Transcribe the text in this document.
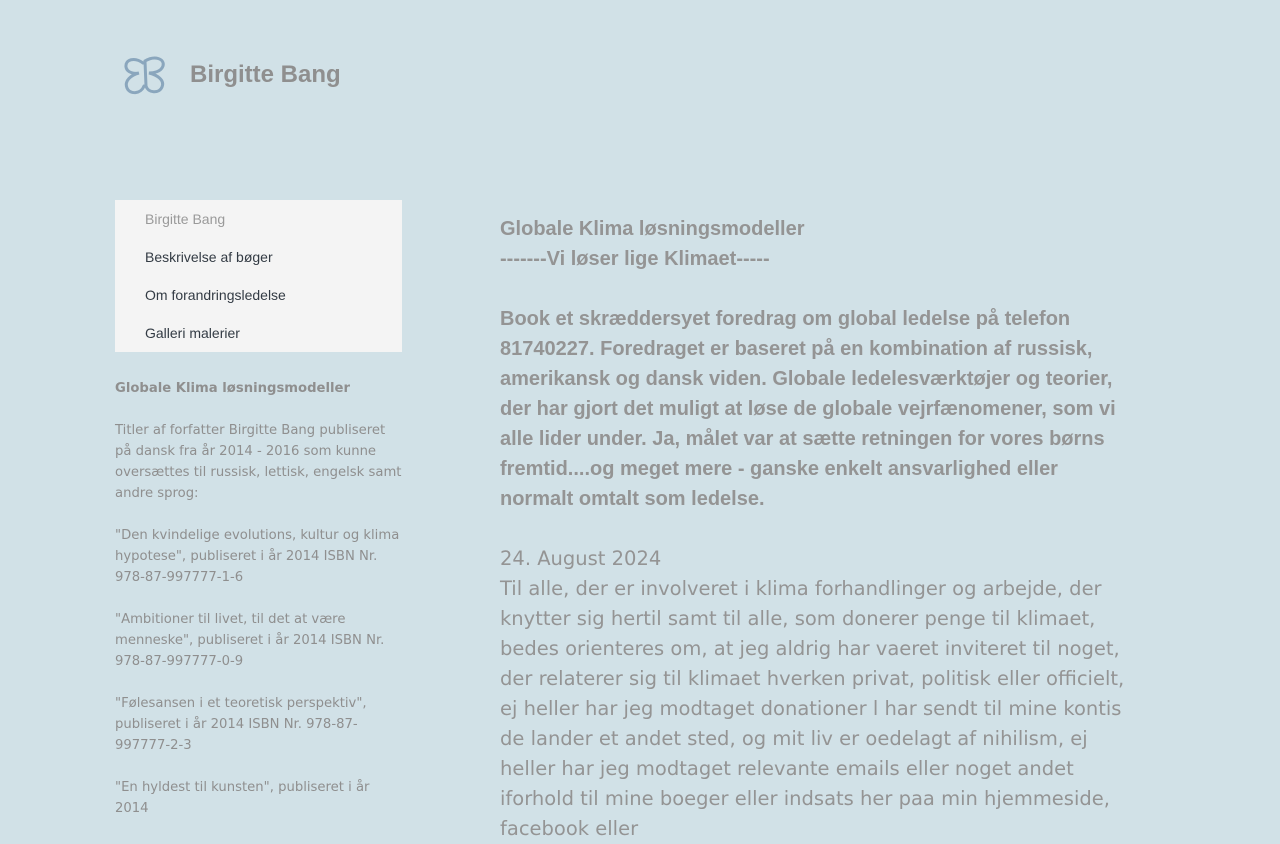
Birgitte Bang
Birgitte Bang
Beskrivelse af bøger
Om forandringsledelse
Galleri malerier
Globale Klima løsningsmodeller

Titler af forfatter Birgitte Bang publiseret på dansk fra år 2014 - 2016 som kunne oversættes til russisk, lettisk, engelsk samt andre sprog:

"Den kvindelige evolutions, kultur og klima hypotese", publiseret i år 2014 ISBN Nr. 978-87-997777-1-6

"Ambitioner til livet, til det at være menneske", publiseret i år 2014 ISBN Nr. 978-87-997777-0-9

"Følesansen i et teoretisk perspektiv", publiseret i år 2014 ISBN Nr. 978-87-997777-2-3

"En hyldest til kunsten", publiseret i år 2014

Globale Klima løsningsmodeller
-------Vi løser lige Klimaet-----

Book et skræddersyet foredrag om global ledelse på telefon 81740227. Foredraget er baseret på en kombination af russisk, amerikansk og dansk viden. Globale ledelesværktøjer og teorier, der har gjort det muligt at løse de globale vejrfænomener, som vi alle lider under. Ja, målet var at sætte retningen for vores børns fremtid....og meget mere - ganske enkelt ansvarlighed eller normalt omtalt som ledelse.

24. August 2024

Til alle, der er involveret i klima forhandlinger og arbejde, der knytter sig hertil samt til alle, som donerer penge til klimaet, bedes orienteres om, at jeg aldrig har vaeret inviteret til noget, der relaterer sig til klimaet hverken privat, politisk eller officielt, ej heller har jeg modtaget donationer l har sendt til mine kontis de lander et andet sted, og mit liv er oedelagt af nihilism, ej heller har jeg modtaget relevante emails eller noget andet iforhold til mine boeger eller indsats her paa min hjemmeside, facebook eller
